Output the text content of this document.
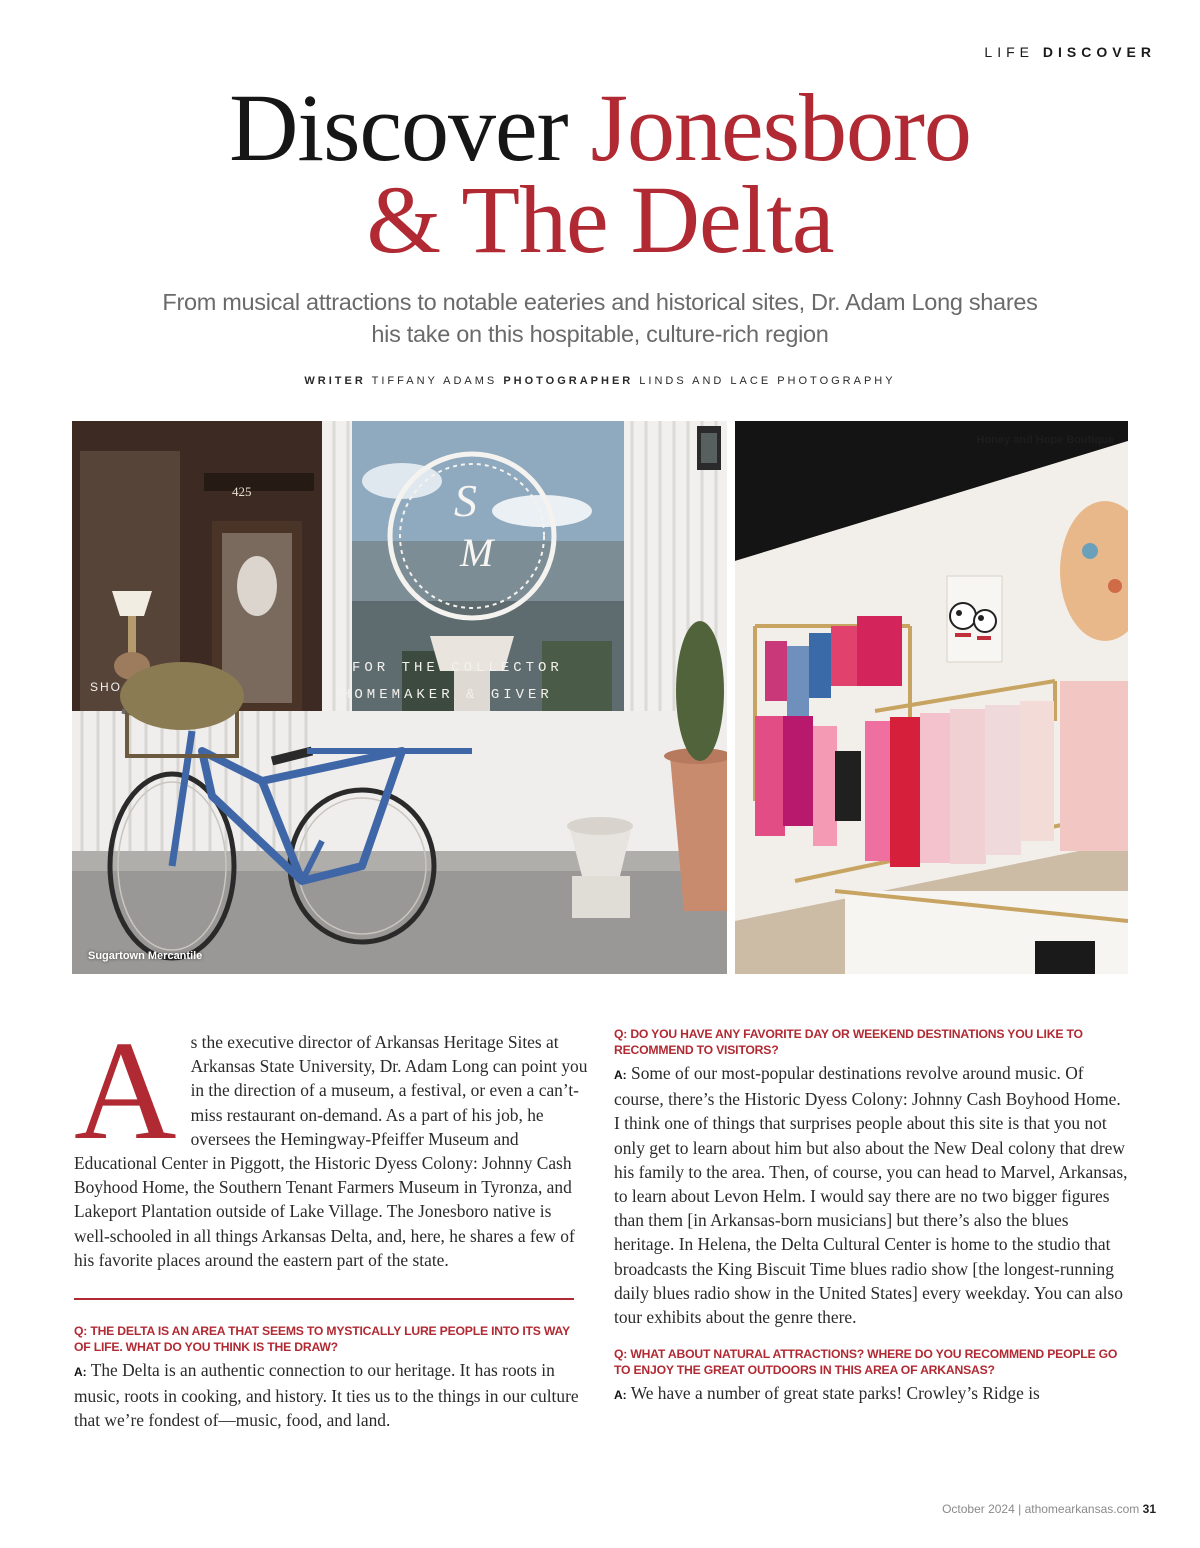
LIFE DISCOVER
Discover Jonesboro
& The Delta
From musical attractions to notable eateries and historical sites, Dr. Adam Long shares his take on this hospitable, culture-rich region
WRITER TIFFANY ADAMS PHOTOGRAPHER LINDS AND LACE PHOTOGRAPHY
425
SHO
S
M
FOR THE COLLECTOR
HOMEMAKER & GIVER
Sugartown Mercantile
Honey and Hope Boutique

As the executive director of Arkansas Heritage Sites at Arkansas State University, Dr. Adam Long can point you in the direction of a museum, a festival, or even a can’t-miss restaurant on-demand. As a part of his job, he oversees the Hemingway-Pfeiffer Museum and Educational Center in Piggott, the Historic Dyess Colony: Johnny Cash Boyhood Home, the Southern Tenant Farmers Museum in Tyronza, and Lakeport Plantation outside of Lake Village. The Jonesboro native is well-schooled in all things Arkansas Delta, and, here, he shares a few of his favorite places around the eastern part of the state.

Q: THE DELTA IS AN AREA THAT SEEMS TO MYSTICALLY LURE PEOPLE INTO ITS WAY OF LIFE. WHAT DO YOU THINK IS THE DRAW?

A: The Delta is an authentic connection to our heritage. It has roots in music, roots in cooking, and history. It ties us to the things in our culture that we’re fondest of—music, food, and land.

Q: DO YOU HAVE ANY FAVORITE DAY OR WEEKEND DESTINATIONS YOU LIKE TO RECOMMEND TO VISITORS?

A: Some of our most-popular destinations revolve around music. Of course, there’s the Historic Dyess Colony: Johnny Cash Boyhood Home. I think one of things that surprises people about this site is that you not only get to learn about him but also about the New Deal colony that drew his family to the area. Then, of course, you can head to Marvel, Arkansas, to learn about Levon Helm. I would say there are no two bigger figures than them [in Arkansas-born musicians] but there’s also the blues heritage. In Helena, the Delta Cultural Center is home to the studio that broadcasts the King Biscuit Time blues radio show [the longest-running daily blues radio show in the United States] every weekday. You can also tour exhibits about the genre there.

Q: WHAT ABOUT NATURAL ATTRACTIONS? WHERE DO YOU RECOMMEND PEOPLE GO TO ENJOY THE GREAT OUTDOORS IN THIS AREA OF ARKANSAS?

A: We have a number of great state parks! Crowley’s Ridge is

October 2024 | athomearkansas.com 31
